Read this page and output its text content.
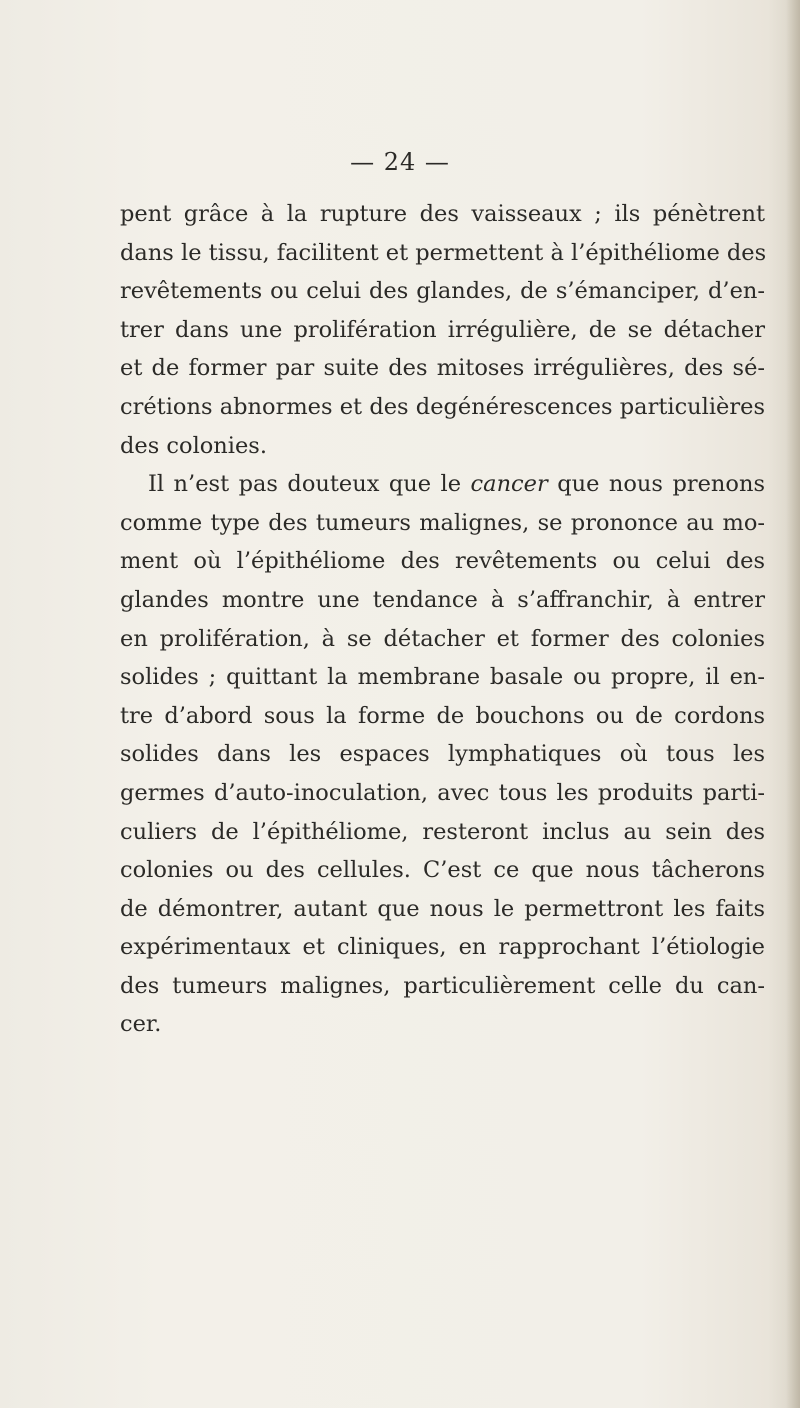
— 24 —
pent grâce à la rupture des vaisseaux ; ils pénètrent
dans le tissu, facilitent et permettent à l’épithéliome des
revêtements ou celui des glandes, de s’émanciper, d’en-
trer dans une prolifération irrégulière, de se détacher
et de former par suite des mitoses irrégulières, des sé-
crétions abnormes et des degénérescences particulières
des colonies.
Il n’est pas douteux que le cancer que nous prenons
comme type des tumeurs malignes, se prononce au mo-
ment où l’épithéliome des revêtements ou celui des
glandes montre une tendance à s’affranchir, à entrer
en prolifération, à se détacher et former des colonies
solides ; quittant la membrane basale ou propre, il en-
tre d’abord sous la forme de bouchons ou de cordons
solides dans les espaces lymphatiques où tous les
germes d’auto-inoculation, avec tous les produits parti-
culiers de l’épithéliome, resteront inclus au sein des
colonies ou des cellules. C’est ce que nous tâcherons
de démontrer, autant que nous le permettront les faits
expérimentaux et cliniques, en rapprochant l’étiologie
des tumeurs malignes, particulièrement celle du can-
cer.
